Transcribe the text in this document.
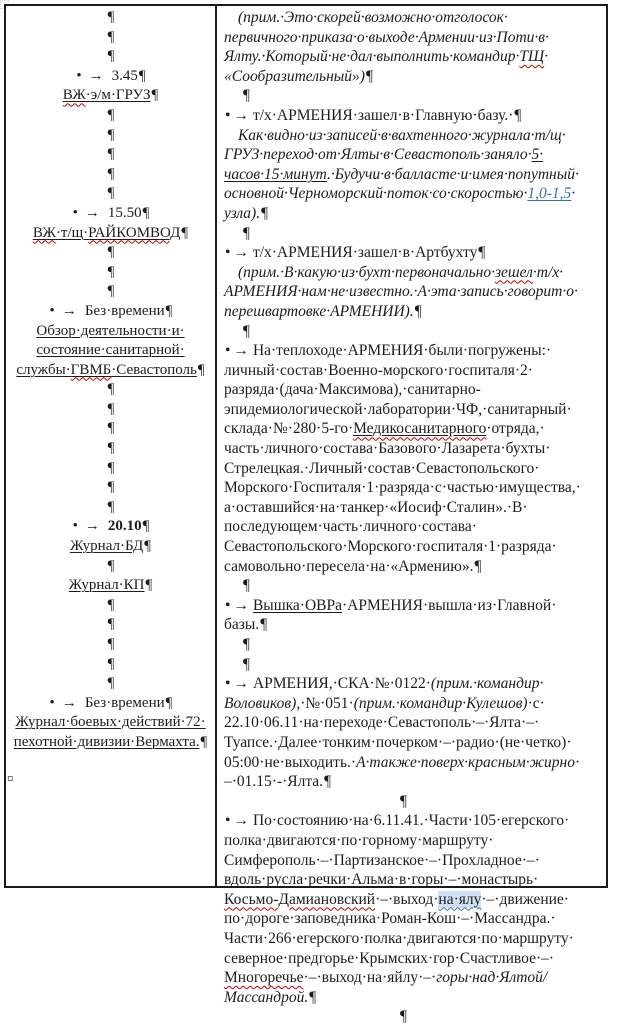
¶
¶
¶
• → 3.45¶
ВЖ·​э/м·​ГРУЗ¶
¶
¶
¶
¶
¶
• → 15.50¶
ВЖ·​т/щ·​РАЙКОМВОД¶
¶
¶
¶
• → Без·​времени¶
Обзор·​деятельности·​и·​состояние·​санитарной·​службы·​ГВМБ·​Севастополь¶
¶
¶
¶
¶
¶
¶
¶
• → 20.10¶
Журнал·​БД¶
¶
Журнал·​КП¶
¶
¶
¶
¶
¶
• → Без·​времени¶
Журнал·​боевых·​действий·​72·​пехотной·​дивизии·​Вермахта.¶
(прим.·​Это·​скорей·​возможно·​отголосок·​первичного·​приказа·​о·​выходе·​Армении·​из·​Поти·​в·​Ялту.·​Который·​не·​дал·​выполнить·​командир·​ТЩ·​«Сообразительный»)¶
¶
• → т/х·​АРМЕНИЯ·​зашел·​в·​Главную·​базу.·​¶
Как·​видно·​из·​записей·​в·​вахтенного·​журнала·​т/щ·​ГРУЗ·​переход·​от·​Ялты·​в·​Севастополь·​заняло·​5·​часов·​15·​минут.·​Будучи·​в·​балласте·​и·​имея·​попутный·​основной·​Черноморский·​поток·​со·​скоростью·​1,0-1,5·​узла).¶
¶
• → т/х·​АРМЕНИЯ·​зашел·​в·​Артбухту¶
(прим.·​В·​какую·​из·​бухт·​первоначально·​зешел·​т/х·​АРМЕНИЯ·​нам·​не·​известно.·​А·​эта·​запись·​говорит·​о·​перешвартовке·​АРМЕНИИ).¶
¶
• → На·​теплоходе·​АРМЕНИЯ·​были·​погружены:·​личный·​состав·​Военно-морского·​госпиталя·​2·​разряда·​(дача·​Максимова),·​санитарно-эпидемиологической·​лаборатории·​ЧФ,·​санитарный·​склада·​№·​280·​5-го·​Медикосанитарного·​отряда,·​часть·​личного·​состава·​Базового·​Лазарета·​бухты·​Стрелецкая.·​Личный·​состав·​Севастопольского·​Морского·​Госпиталя·​1·​разряда·​с·​частью·​имущества,·​а·​оставшийся·​на·​танкер·​«Иосиф·​Сталин».·​В·​последующем·​часть·​личного·​состава·​Севастопольского·​Морского·​госпиталя·​1·​разряда·​самовольно·​пересела·​на·​«Армению».¶
¶
• → Вышка·​ОВРа·​АРМЕНИЯ·​вышла·​из·​Главной·​базы.¶
¶
¶
• → АРМЕНИЯ,·​СКА·​№·​0122·​(прим.·​командир·​Воловиков),·​№·​051·​(прим.·​командир·​Кулешов)·​с·​22.10·​06.11·​на·​переходе·​Севастополь·​–·​Ялта·​–·​Туапсе.·​Далее·​тонким·​почерком·​–·​радио·​(не·​четко)·​05:00·​не·​выходить.·​А·​также·​поверх·​красным·​жирно·​–·​01.15·​-·​Ялта.¶
¶
• → По·​состоянию·​на·​6.11.41.·​Части·​105·​егерского·​полка·​двигаются·​по·​горному·​маршруту·​Симферополь·​–·​Партизанское·​–·​Прохладное·​–·​вдоль·​русла·​речки·​Альма·​в·​горы·​–·​монастырь·​Косьмо-Дамиановский·​–·​выход·​на·​ялу·​–·​движение·​по·​дороге·​заповедника·​Роман-Кош·​–·​Массандра.·​Части·​266·​егерского·​полка·​двигаются·​по·​маршруту·​северное·​предгорье·​Крымских·​гор·​Счастливое·​–·​Многоречье·​–·​выход·​на·​яйлу·​–·​горы·​над·​Ялтой/Массандрой.¶
¶
¤
